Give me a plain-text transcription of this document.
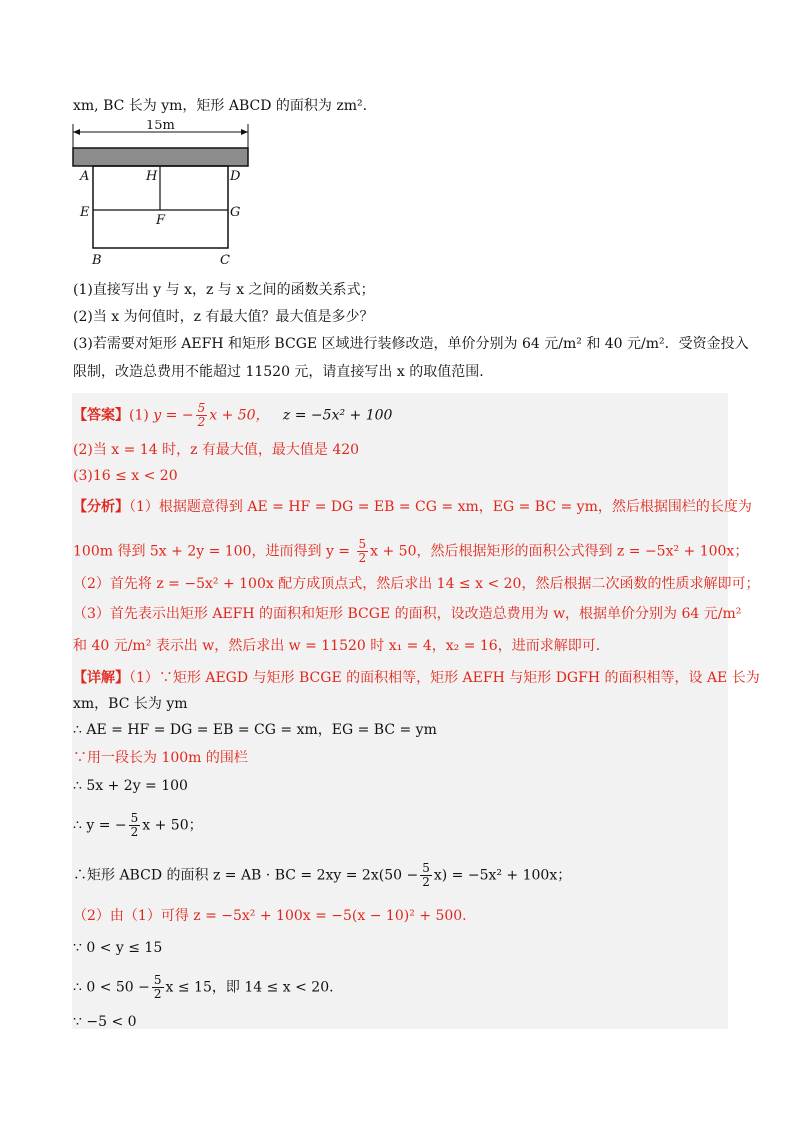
xm, BC 长为 ym，矩形 ABCD 的面积为 zm².
15m
A	H	D
E
F
G
B	C
(1)直接写出 y 与 x，z 与 x 之间的函数关系式；
(2)当 x 为何值时，z 有最大值？最大值是多少？
(3)若需要对矩形 AEFH 和矩形 BCGE 区域进行装修改造，单价分别为 64 元/m² 和 40 元/m²．受资金投入
限制，改造总费用不能超过 11520 元，请直接写出 x 的取值范围.
【答案】(1) y = − $\frac{5}{2}$ x + 50， z = −5x² + 100
(2)当 x = 14 时，z 有最大值，最大值是 420
(3)16 ≤ x < 20
【分析】（1）根据题意得到 AE = HF = DG = EB = CG = xm，EG = BC = ym，然后根据围栏的长度为
100m 得到 5x + 2y = 100，进而得到 $y = \frac{5}{2}$ x + 50，然后根据矩形的面积公式得到 z = −5x² + 100x；
（2）首先将 z = −5x² + 100x 配方成顶点式，然后求出 14 ≤ x < 20，然后根据二次函数的性质求解即可；
（3）首先表示出矩形 AEFH 的面积和矩形 BCGE 的面积，设改造总费用为 w，根据单价分别为 64 元/m²
和 40 元/m² 表示出 w，然后求出 w = 11520 时 x₁ = 4，x₂ = 16，进而求解即可.
【详解】（1）∵矩形 AEGD 与矩形 BCGE 的面积相等，矩形 AEFH 与矩形 DGFH 的面积相等，设 AE 长为
xm，BC 长为 ym
∴ AE = HF = DG = EB = CG = xm，EG = BC = ym
∵用一段长为 100m 的围栏
∴ 5x + 2y = 100
∴ y = − $\frac{5}{2}$ x + 50；
∴矩形 ABCD 的面积 z = AB · BC = $2xy = 2x(50 - \frac{5}{2} x) = -5x^2 + 100x$；
（2）由（1）可得 z = −5x² + 100x = −5(x − 10)² + 500.
∵ 0 < y ≤ 15
∴ $0 < 50 - \frac{5}{2}$ x ≤ 15，即 14 ≤ x < 20.
∵ −5 < 0
